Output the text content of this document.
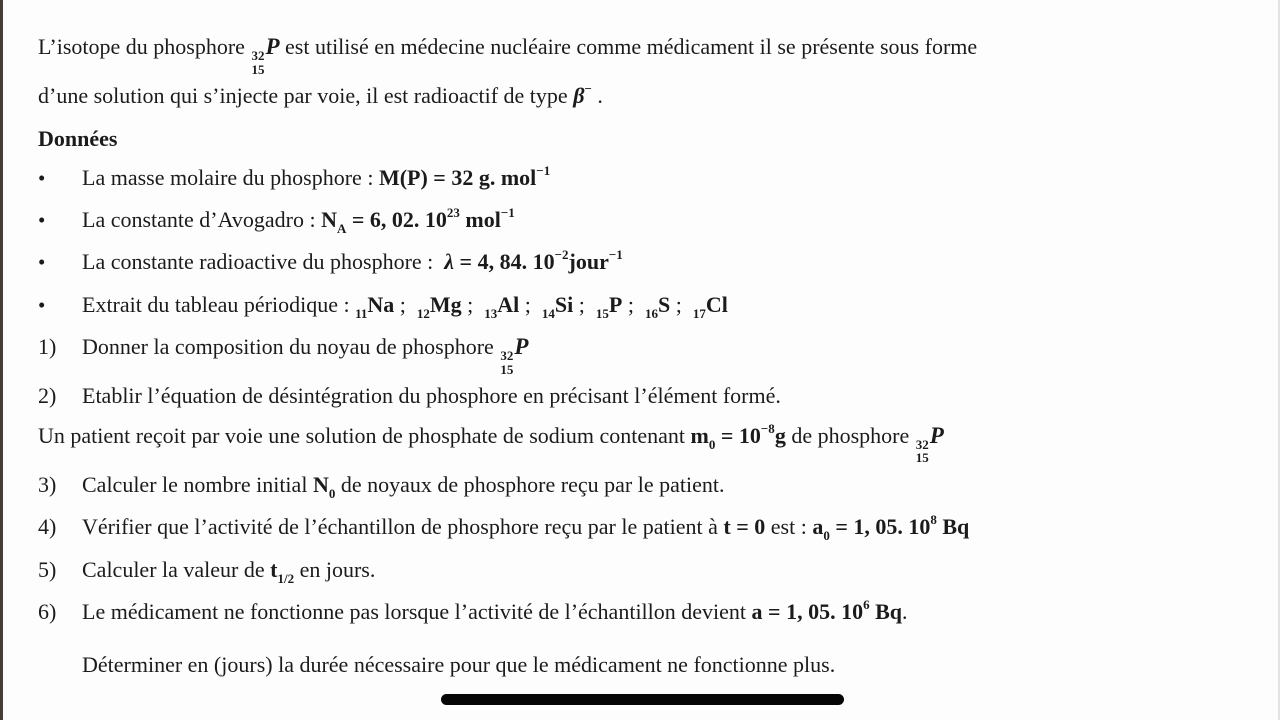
L’isotope du phosphore 32
15
P est utilisé en médecine nucléaire comme médicament il se présente sous forme
d’une solution qui s’injecte par voie, il est radioactif de type β− .
Données
•	La masse molaire du phosphore : M(P) = 32 g. mol$^{-1}$
•	La constante d’Avogadro : $N_A = 6$, 02. $10^{23}$ mol$^{-1}$
•	La constante radioactive du phosphore :  λ = 4, 84. $10^{-2}jour^{-1}$
•	Extrait du tableau périodique : $_{11}$Na ;  $_{12}$Mg ;  $_{13}$Al ;  $_{14}$Si ;  $_{15}$P ;  $_{16}$S ;  $_{17}$Cl
1)	Donner la composition du noyau de phosphore 32
15
P
2)	Etablir l’équation de désintégration du phosphore en précisant l’élément formé.
Un patient reçoit par voie une solution de phosphate de sodium contenant $m_0 = 10^{-8}g$ de phosphore 32
15
P
3)	Calculer le nombre initial $N_0$ de noyaux de phosphore reçu par le patient.
4)	Vérifier que l’activité de l’échantillon de phosphore reçu par le patient à t = 0 est : $a_0 = 1$, 05. $10^8$ Bq
5)	Calculer la valeur de $t_{1/2}$ en jours.
6)	Le médicament ne fonctionne pas lorsque l’activité de l’échantillon devient a = 1, 05. $10^6$ Bq.
Déterminer en (jours) la durée nécessaire pour que le médicament ne fonctionne plus.
